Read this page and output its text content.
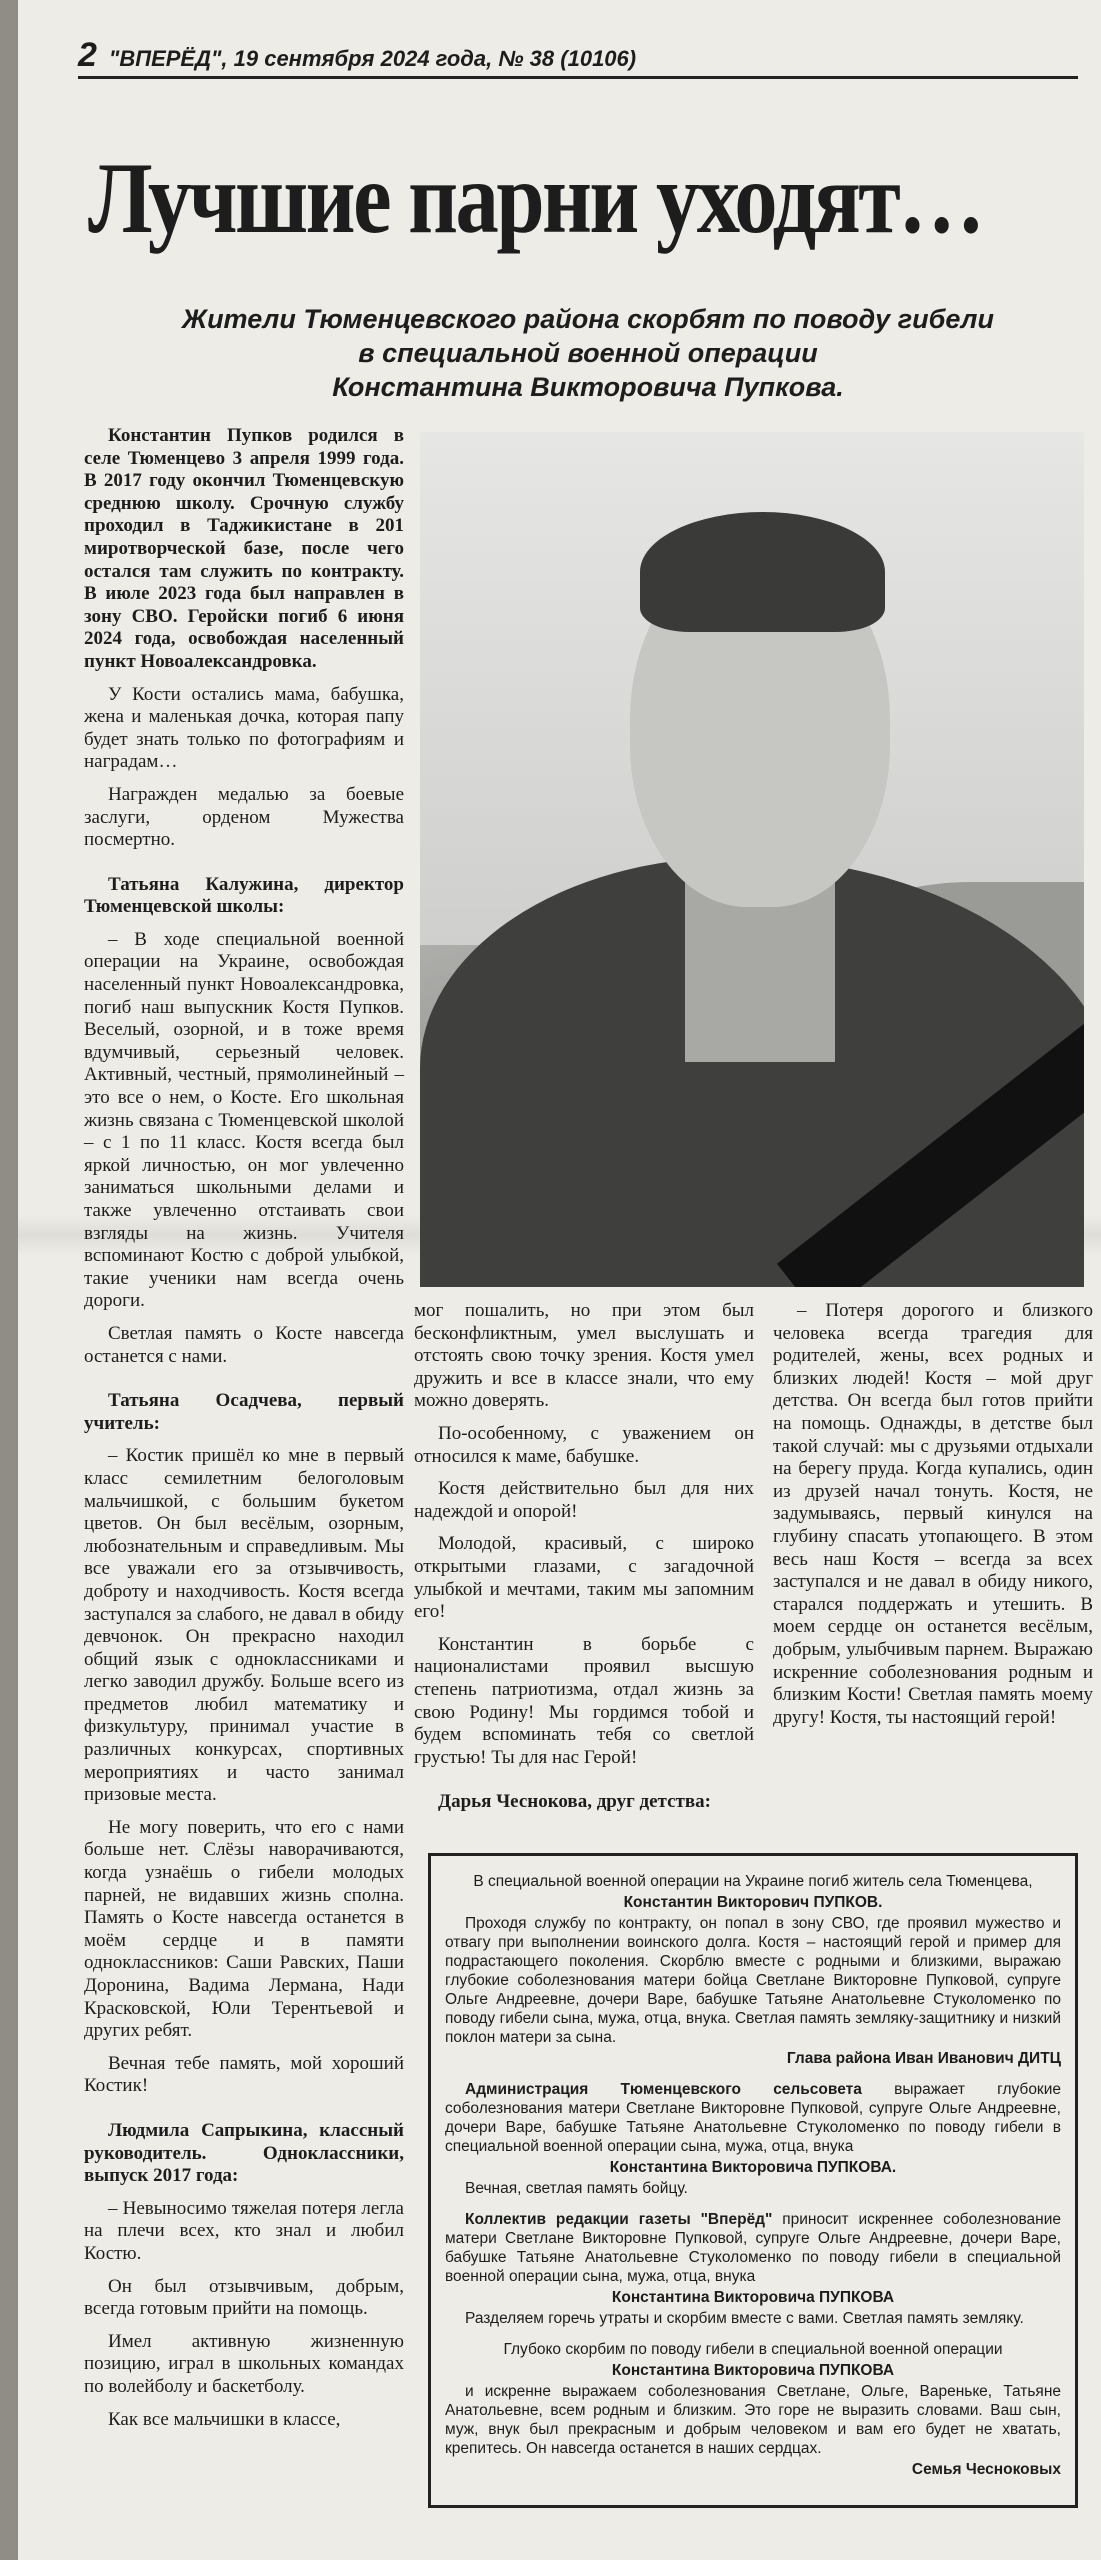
2 "ВПЕРЁД", 19 сентября 2024 года, № 38 (10106)
Лучшие парни уходят…
Жители Тюменцевского района скорбят по поводу гибели
в специальной военной операции
Константина Викторовича Пупкова.

Константин Пупков родился в селе Тюменцево 3 апреля 1999 года. В 2017 году окончил Тюменцевскую среднюю школу. Срочную службу проходил в Таджикистане в 201 миротворческой базе, после чего остался там служить по контракту. В июле 2023 года был направлен в зону СВО. Геройски погиб 6 июня 2024 года, освобождая населенный пункт Новоалександровка.

У Кости остались мама, бабушка, жена и маленькая дочка, которая папу будет знать только по фотографиям и наградам…

Награжден медалью за боевые заслуги, орденом Мужества посмертно.

Татьяна Калужина, директор Тюменцевской школы:

– В ходе специальной военной операции на Украине, освобождая населенный пункт Новоалександровка, погиб наш выпускник Костя Пупков. Веселый, озорной, и в тоже время вдумчивый, серьезный человек. Активный, честный, прямолинейный – это все о нем, о Косте. Его школьная жизнь связана с Тюменцевской школой – с 1 по 11 класс. Костя всегда был яркой личностью, он мог увлеченно заниматься школьными делами и также увлеченно отстаивать свои взгляды на жизнь. Учителя вспоминают Костю с доброй улыбкой, такие ученики нам всегда очень дороги.

Светлая память о Косте навсегда останется с нами.

Татьяна Осадчева, первый учитель:

– Костик пришёл ко мне в первый класс семилетним белоголовым мальчишкой, с большим букетом цветов. Он был весёлым, озорным, любознательным и справедливым. Мы все уважали его за отзывчивость, доброту и находчивость. Костя всегда заступался за слабого, не давал в обиду девчонок. Он прекрасно находил общий язык с одноклассниками и легко заводил дружбу. Больше всего из предметов любил математику и физкультуру, принимал участие в различных конкурсах, спортивных мероприятиях и часто занимал призовые места.

Не могу поверить, что его с нами больше нет. Слёзы наворачиваются, когда узнаёшь о гибели молодых парней, не видавших жизнь сполна. Память о Косте навсегда останется в моём сердце и в памяти одноклассников: Саши Равских, Паши Доронина, Вадима Лермана, Нади Красковской, Юли Терентьевой и других ребят.

Вечная тебе память, мой хороший Костик!

Людмила Сапрыкина, классный руководитель. Одноклассники, выпуск 2017 года:

– Невыносимо тяжелая потеря легла на плечи всех, кто знал и любил Костю.

Он был отзывчивым, добрым, всегда готовым прийти на помощь.

Имел активную жизненную позицию, играл в школьных командах по волейболу и баскетболу.

Как все мальчишки в классе,

мог пошалить, но при этом был бесконфликтным, умел выслушать и отстоять свою точку зрения. Костя умел дружить и все в классе знали, что ему можно доверять.

По-особенному, с уважением он относился к маме, бабушке.

Костя действительно был для них надеждой и опорой!

Молодой, красивый, с широко открытыми глазами, с загадочной улыбкой и мечтами, таким мы запомним его!

Константин в борьбе с националистами проявил высшую степень патриотизма, отдал жизнь за свою Родину! Мы гордимся тобой и будем вспоминать тебя со светлой грустью! Ты для нас Герой!

Дарья Чеснокова, друг детства:

– Потеря дорогого и близкого человека всегда трагедия для родителей, жены, всех родных и близких людей! Костя – мой друг детства. Он всегда был готов прийти на помощь. Однажды, в детстве был такой случай: мы с друзьями отдыхали на берегу пруда. Когда купались, один из друзей начал тонуть. Костя, не задумываясь, первый кинулся на глубину спасать утопающего. В этом весь наш Костя – всегда за всех заступался и не давал в обиду никого, старался поддержать и утешить. В моем сердце он останется весёлым, добрым, улыбчивым парнем. Выражаю искренние соболезнования родным и близким Кости! Светлая память моему другу! Костя, ты настоящий герой!

В специальной военной операции на Украине погиб житель села Тюменцева,
Константин Викторович ПУПКОВ.

Проходя службу по контракту, он попал в зону СВО, где проявил мужество и отвагу при выполнении воинского долга. Костя – настоящий герой и пример для подрастающего поколения. Скорблю вместе с родными и близкими, выражаю глубокие соболезнования матери бойца Светлане Викторовне Пупковой, супруге Ольге Андреевне, дочери Варе, бабушке Татьяне Анатольевне Стуколоменко по поводу гибели сына, мужа, отца, внука. Светлая память земляку-защитнику и низкий поклон матери за сына.

Глава района Иван Иванович ДИТЦ

Администрация Тюменцевского сельсовета выражает глубокие соболезнования матери Светлане Викторовне Пупковой, супруге Ольге Андреевне, дочери Варе, бабушке Татьяне Анатольевне Стуколоменко по поводу гибели в специальной военной операции сына, мужа, отца, внука

Константина Викторовича ПУПКОВА.

Вечная, светлая память бойцу.

Коллектив редакции газеты "Вперёд" приносит искреннее соболезнование матери Светлане Викторовне Пупковой, супруге Ольге Андреевне, дочери Варе, бабушке Татьяне Анатольевне Стуколоменко по поводу гибели в специальной военной операции сына, мужа, отца, внука

Константина Викторовича ПУПКОВА

Разделяем горечь утраты и скорбим вместе с вами. Светлая память земляку.

Глубоко скорбим по поводу гибели в специальной военной операции
Константина Викторовича ПУПКОВА

и искренне выражаем соболезнования Светлане, Ольге, Варенькe, Татьяне Анатольевне, всем родным и близким. Это горе не выразить словами. Ваш сын, муж, внук был прекрасным и добрым человеком и вам его будет не хватать, крепитесь. Он навсегда останется в наших сердцах.

Семья Чесноковых
